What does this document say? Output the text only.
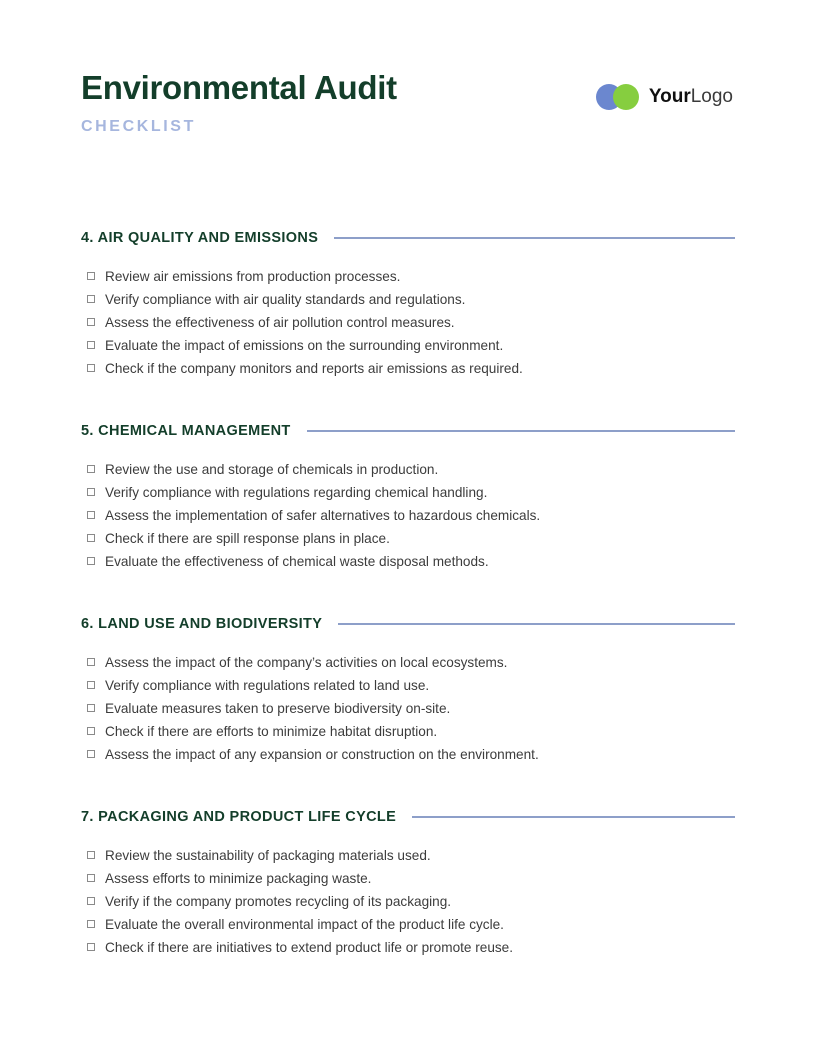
Environmental Audit
CHECKLIST
YourLogo
4. AIR QUALITY AND EMISSIONS
Review air emissions from production processes.
Verify compliance with air quality standards and regulations.
Assess the effectiveness of air pollution control measures.
Evaluate the impact of emissions on the surrounding environment.
Check if the company monitors and reports air emissions as required.
5. CHEMICAL MANAGEMENT
Review the use and storage of chemicals in production.
Verify compliance with regulations regarding chemical handling.
Assess the implementation of safer alternatives to hazardous chemicals.
Check if there are spill response plans in place.
Evaluate the effectiveness of chemical waste disposal methods.
6. LAND USE AND BIODIVERSITY
Assess the impact of the company’s activities on local ecosystems.
Verify compliance with regulations related to land use.
Evaluate measures taken to preserve biodiversity on-site.
Check if there are efforts to minimize habitat disruption.
Assess the impact of any expansion or construction on the environment.
7. PACKAGING AND PRODUCT LIFE CYCLE
Review the sustainability of packaging materials used.
Assess efforts to minimize packaging waste.
Verify if the company promotes recycling of its packaging.
Evaluate the overall environmental impact of the product life cycle.
Check if there are initiatives to extend product life or promote reuse.
